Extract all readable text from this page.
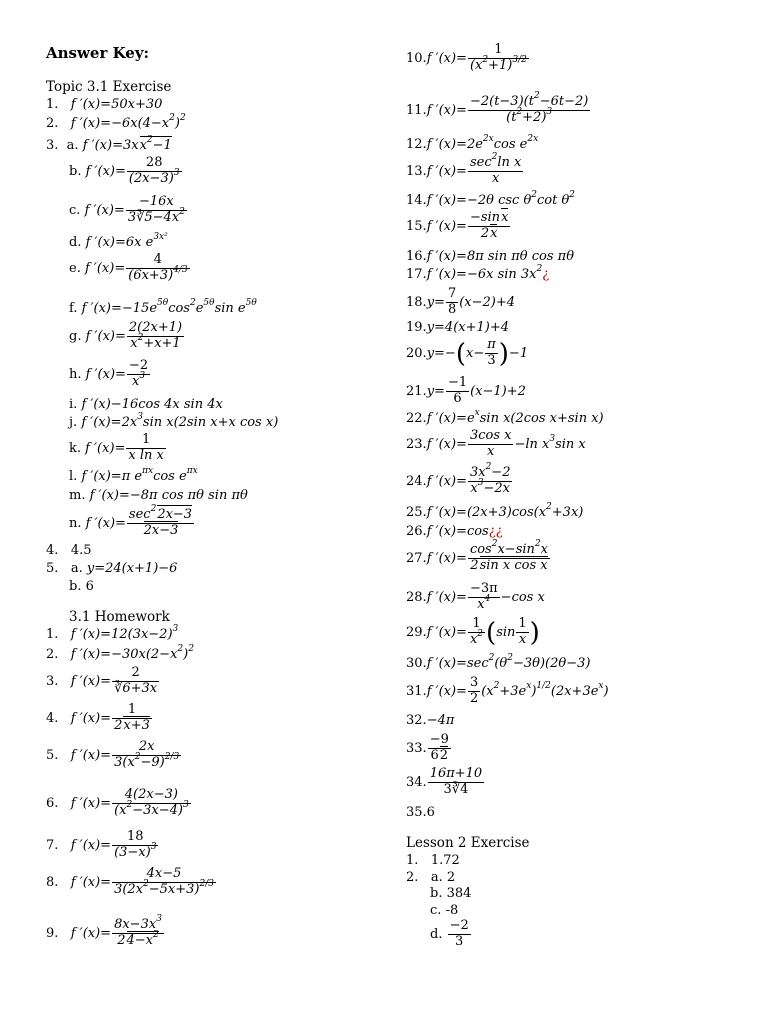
Answer Key:
Topic 3.1 Exercise
1.   f ′(x)=50x+30
2.   f $'(x)=-6x(4-x^2)^2$
3. a. f $'(x)=3xx^2-1$
b. f $'(x)= \frac{28}{(2x-3)^3}$
c. f $'(x)= \frac{-16x}{3∛5-4x^2}$
d. f ′(x)=6x $e^{3x^2}$
e. f $'(x)= \frac{4}{(6x+3)^{4/3}}$
f. f $'(x)=-15e^{5\theta}\cos^2e^{5\theta}\sin$ $e^{5\theta}$
g. f $'(x)= \frac{2(2x+1)}{x^2+x+1}$
h. f $'(x)= \frac{-2}{x^3}$
i. f ′(x)−16cos 4x sin 4x
j. f $'(x)=2x^3\sin$ x(2sin x+x cos x)
k. f $'(x)= \frac{1}{\text{x ln x}}$
l. f ′(x)=π $e^{\pi x}\cos$ $e^{\pi x}$
m. f ′(x)=−8π cos πθ sin πθ
n. f ′(x)=
$\sec^22x-3$
2x−3
4. 4.5
5. a. y=24(x+1)−6
b. 6
3.1 Homework
1.   f $'(x)=12(3x-2)^3$
2.   f $'(x)=-30x(2-x^2)^2$
3.   f $'(x)= \frac{2}{∛6+3x}$
4.   f $'(x)= \frac{1}{2x+3}$
5.   f $'(x)= \frac{2x}{3(x^2-9)^{2/3}}$
6.   f $'(x)= \frac{4(2x-3)}{(x^2-3x-4)^3}$
7.   f $'(x)= \frac{18}{(3-x)^3}$
8.   f $'(x)= \frac{4x-5}{3(2x^2-5x+3)^{2/3}}$
9.   f $'(x)= \frac{8x-3x^3}{24-x^2}$
10.f $'(x)= \frac{1}{(x^2+1)^{3/2}}$
11.f $'(x)= \frac{-2(t-3)(t^2-6t-2)}{(t^2+2)^3}$
12.f $'(x)=2e^{2x}\cos$ $e^{2x}$
13.f ′(x)=
$\sec^2\ln$ x
x
14.f ′(x)=−2θ $\csc \theta^2\cot$ $\theta^2$
15.f $'(x)= \frac{-\sin x}{2x}$
16.f ′(x)=8π sin πθ cos πθ
17.f ′(x)=−6x $\sin 3x^2¿$
$18.y= \frac{7}{8} (x-2)+4$
19.y=4(x+1)+4
$20.y=-(x- \frac{\pi}{3} )-1$
$21.y= \frac{-1}{6} (x-1)+2$
22.f $'(x)=e^x\sin$ x(2cos x+sin x)
23.f $'(x)= \frac{\text{3cos x}}{x} -\ln$ $x^3\sin$ x
24.f $'(x)= \frac{3x^2-2}{x^3-2x}$
25.f $'(x)=(2x+3)\cos(x^2+3x)$
26.f ′(x)=cos¿¿
27.f $'(x)= \frac{\cos^2x-\sin^2x}{\text{2sin x cos x}}$
28.f $'(x)= \frac{-3\pi}{x^4} -\cos$ x
29.f $'(x)= \frac{1}{x^2} (\sin \frac{1}{x}$ )
30.f $'(x)=\sec^2(\theta^2-3\theta)(2\theta-3)$
31.f $'(x)= \frac{3}{2} (x^2+3e^x)^{1/2}(2x+3e^x)$
32.−4π
33. $\frac{-9}{62}$
34. $\frac{16\pi+10}{3∛4}$
35.6
Lesson 2 Exercise
1. 1.72
2. a. 2
b. 384
c. -8
d. $\frac{-2}{3}$
